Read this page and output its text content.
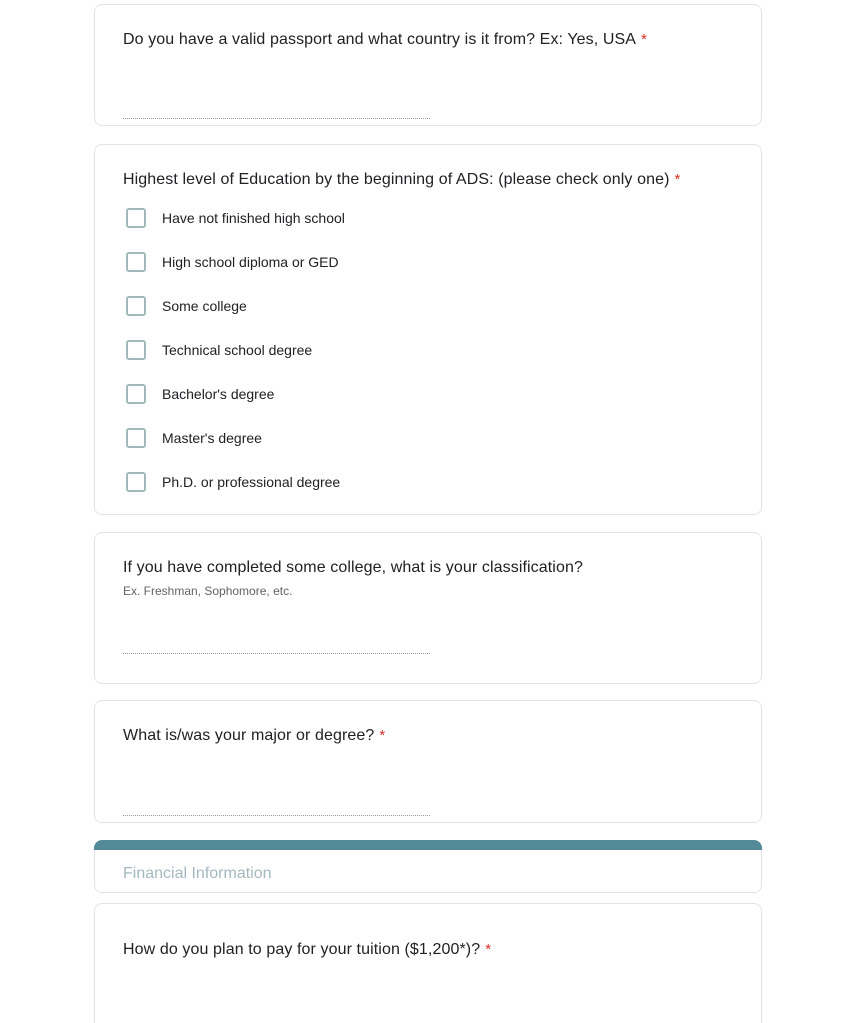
Do you have a valid passport and what country is it from? Ex: Yes, USA *
Highest level of Education by the beginning of ADS: (please check only one) *
Have not finished high school
High school diploma or GED
Some college
Technical school degree
Bachelor's degree
Master's degree
Ph.D. or professional degree
If you have completed some college, what is your classification?
Ex. Freshman, Sophomore, etc.
What is/was your major or degree? *
Financial Information
How do you plan to pay for your tuition ($1,200*)? *
